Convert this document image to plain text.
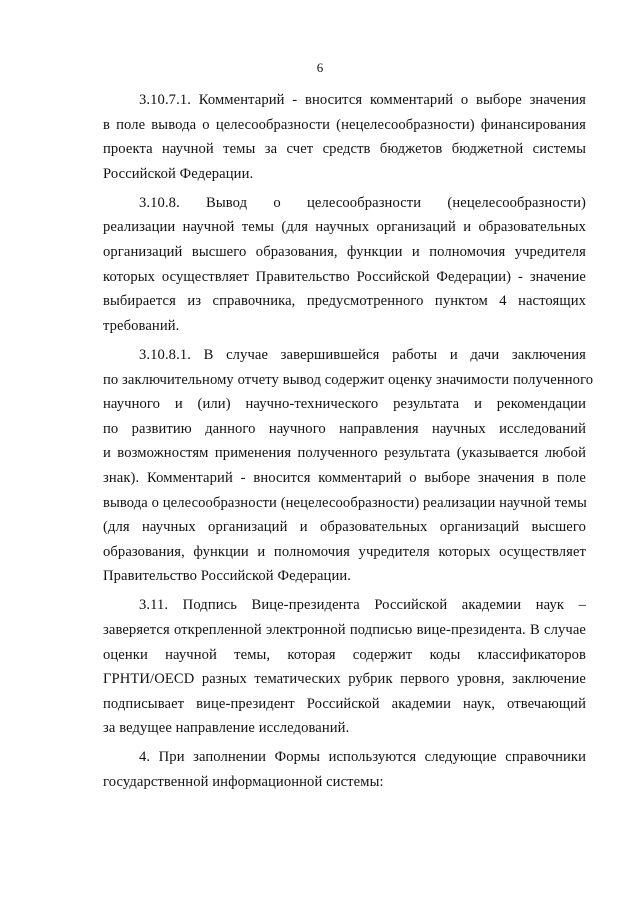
6
3.10.7.1. Комментарий - вносится комментарий о выборе значения
в поле вывода о целесообразности (нецелесообразности) финансирования
проекта научной темы за счет средств бюджетов бюджетной системы
Российской Федерации.
3.10.8. Вывод о целесообразности (нецелесообразности)
реализации научной темы (для научных организаций и образовательных
организаций высшего образования, функции и полномочия учредителя
которых осуществляет Правительство Российской Федерации) - значение
выбирается из справочника, предусмотренного пунктом 4 настоящих
требований.
3.10.8.1. В случае завершившейся работы и дачи заключения
по заключительному отчету вывод содержит оценку значимости полученного
научного и (или) научно-технического результата и рекомендации
по развитию данного научного направления научных исследований
и возможностям применения полученного результата (указывается любой
знак). Комментарий - вносится комментарий о выборе значения в поле
вывода о целесообразности (нецелесообразности) реализации научной темы
(для научных организаций и образовательных организаций высшего
образования, функции и полномочия учредителя которых осуществляет
Правительство Российской Федерации.
3.11. Подпись Вице-президента Российской академии наук –
заверяется открепленной электронной подписью вице-президента. В случае
оценки научной темы, которая содержит коды классификаторов
ГРНТИ/OECD разных тематических рубрик первого уровня, заключение
подписывает вице-президент Российской академии наук, отвечающий
за ведущее направление исследований.
4. При заполнении Формы используются следующие справочники
государственной информационной системы:
